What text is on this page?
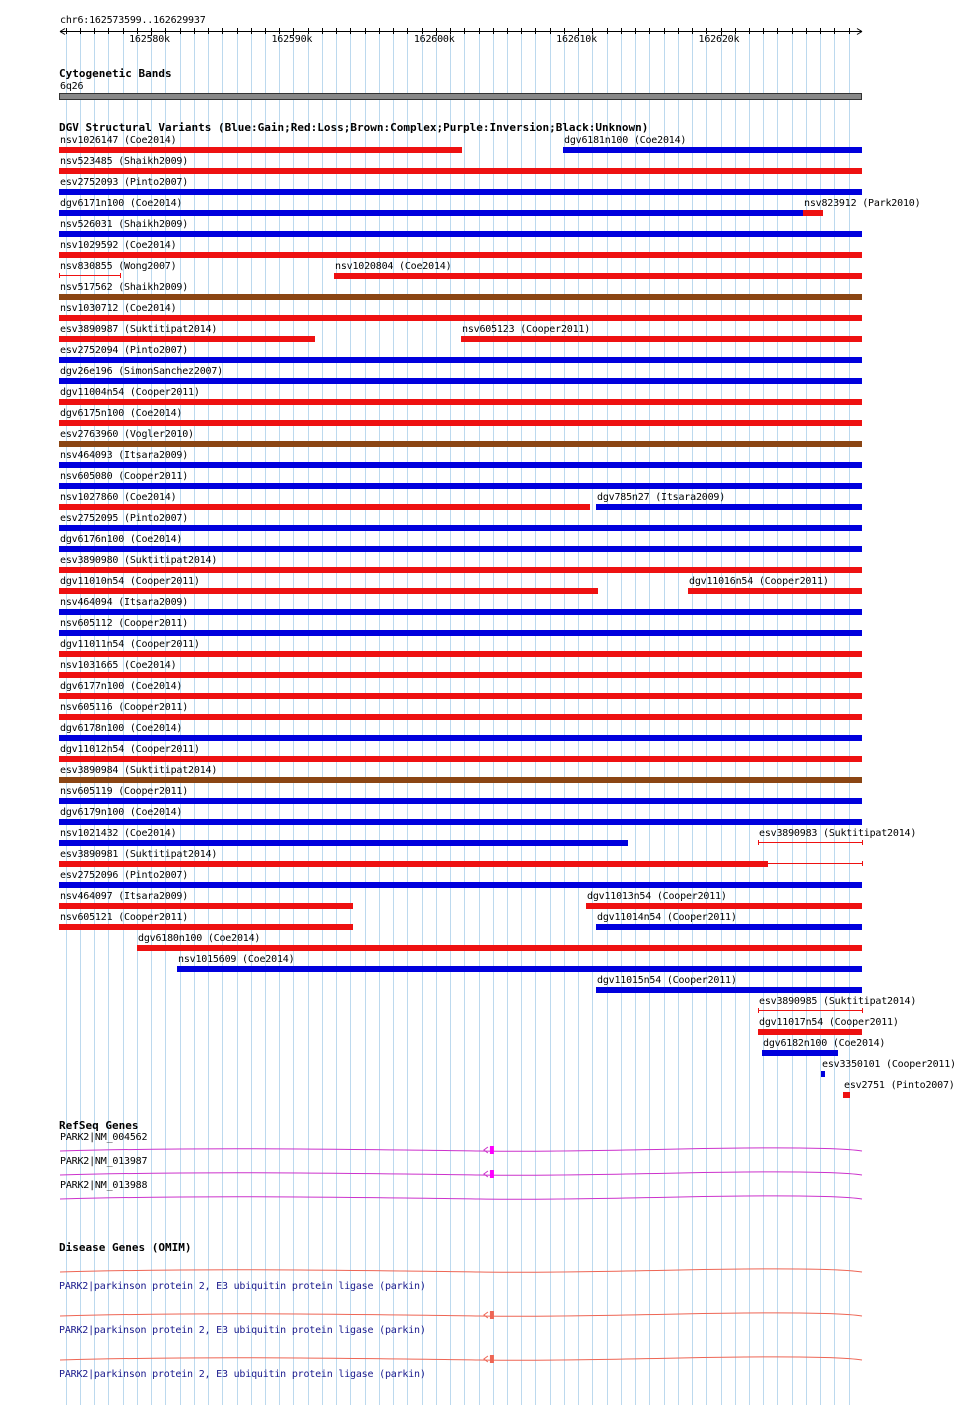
chr6:162573599..162629937
Cytogenetic Bands
6q26
DGV Structural Variants (Blue:Gain;Red:Loss;Brown:Complex;Purple:Inversion;Black:Unknown)
nsv1026147 (Coe2014)	dgv6181n100 (Coe2014)
nsv523485 (Shaikh2009)
esv2752093 (Pinto2007)
dgv6171n100 (Coe2014)	nsv823912 (Park2010)
nsv526031 (Shaikh2009)
nsv1029592 (Coe2014)
nsv830855 (Wong2007)	nsv1020804 (Coe2014)
nsv517562 (Shaikh2009)
nsv1030712 (Coe2014)
esv3890987 (Suktitipat2014)	nsv605123 (Cooper2011)
esv2752094 (Pinto2007)
dgv26e196 (SimonSanchez2007)
dgv11004n54 (Cooper2011)
dgv6175n100 (Coe2014)
esv2763960 (Vogler2010)
nsv464093 (Itsara2009)
nsv605080 (Cooper2011)
nsv1027860 (Coe2014)	dgv785n27 (Itsara2009)
esv2752095 (Pinto2007)
dgv6176n100 (Coe2014)
esv3890980 (Suktitipat2014)
dgv11010n54 (Cooper2011)	dgv11016n54 (Cooper2011)
nsv464094 (Itsara2009)
nsv605112 (Cooper2011)
dgv11011n54 (Cooper2011)
nsv1031665 (Coe2014)
dgv6177n100 (Coe2014)
nsv605116 (Cooper2011)
dgv6178n100 (Coe2014)
dgv11012n54 (Cooper2011)
esv3890984 (Suktitipat2014)
nsv605119 (Cooper2011)
dgv6179n100 (Coe2014)
nsv1021432 (Coe2014)	esv3890983 (Suktitipat2014)
esv3890981 (Suktitipat2014)
esv2752096 (Pinto2007)
nsv464097 (Itsara2009)	dgv11013n54 (Cooper2011)
nsv605121 (Cooper2011)	dgv11014n54 (Cooper2011)
dgv6180n100 (Coe2014)
nsv1015609 (Coe2014)
dgv11015n54 (Cooper2011)
esv3890985 (Suktitipat2014)
dgv11017n54 (Cooper2011)
dgv6182n100 (Coe2014)
esv3350101 (Cooper2011)
esv2751 (Pinto2007)
RefSeq Genes
PARK2|NM_004562
PARK2|NM_013987
PARK2|NM_013988
Disease Genes (OMIM)
PARK2|parkinson protein 2, E3 ubiquitin protein ligase (parkin)
PARK2|parkinson protein 2, E3 ubiquitin protein ligase (parkin)
PARK2|parkinson protein 2, E3 ubiquitin protein ligase (parkin)
162580k	162590k	162600k	162610k	162620k
